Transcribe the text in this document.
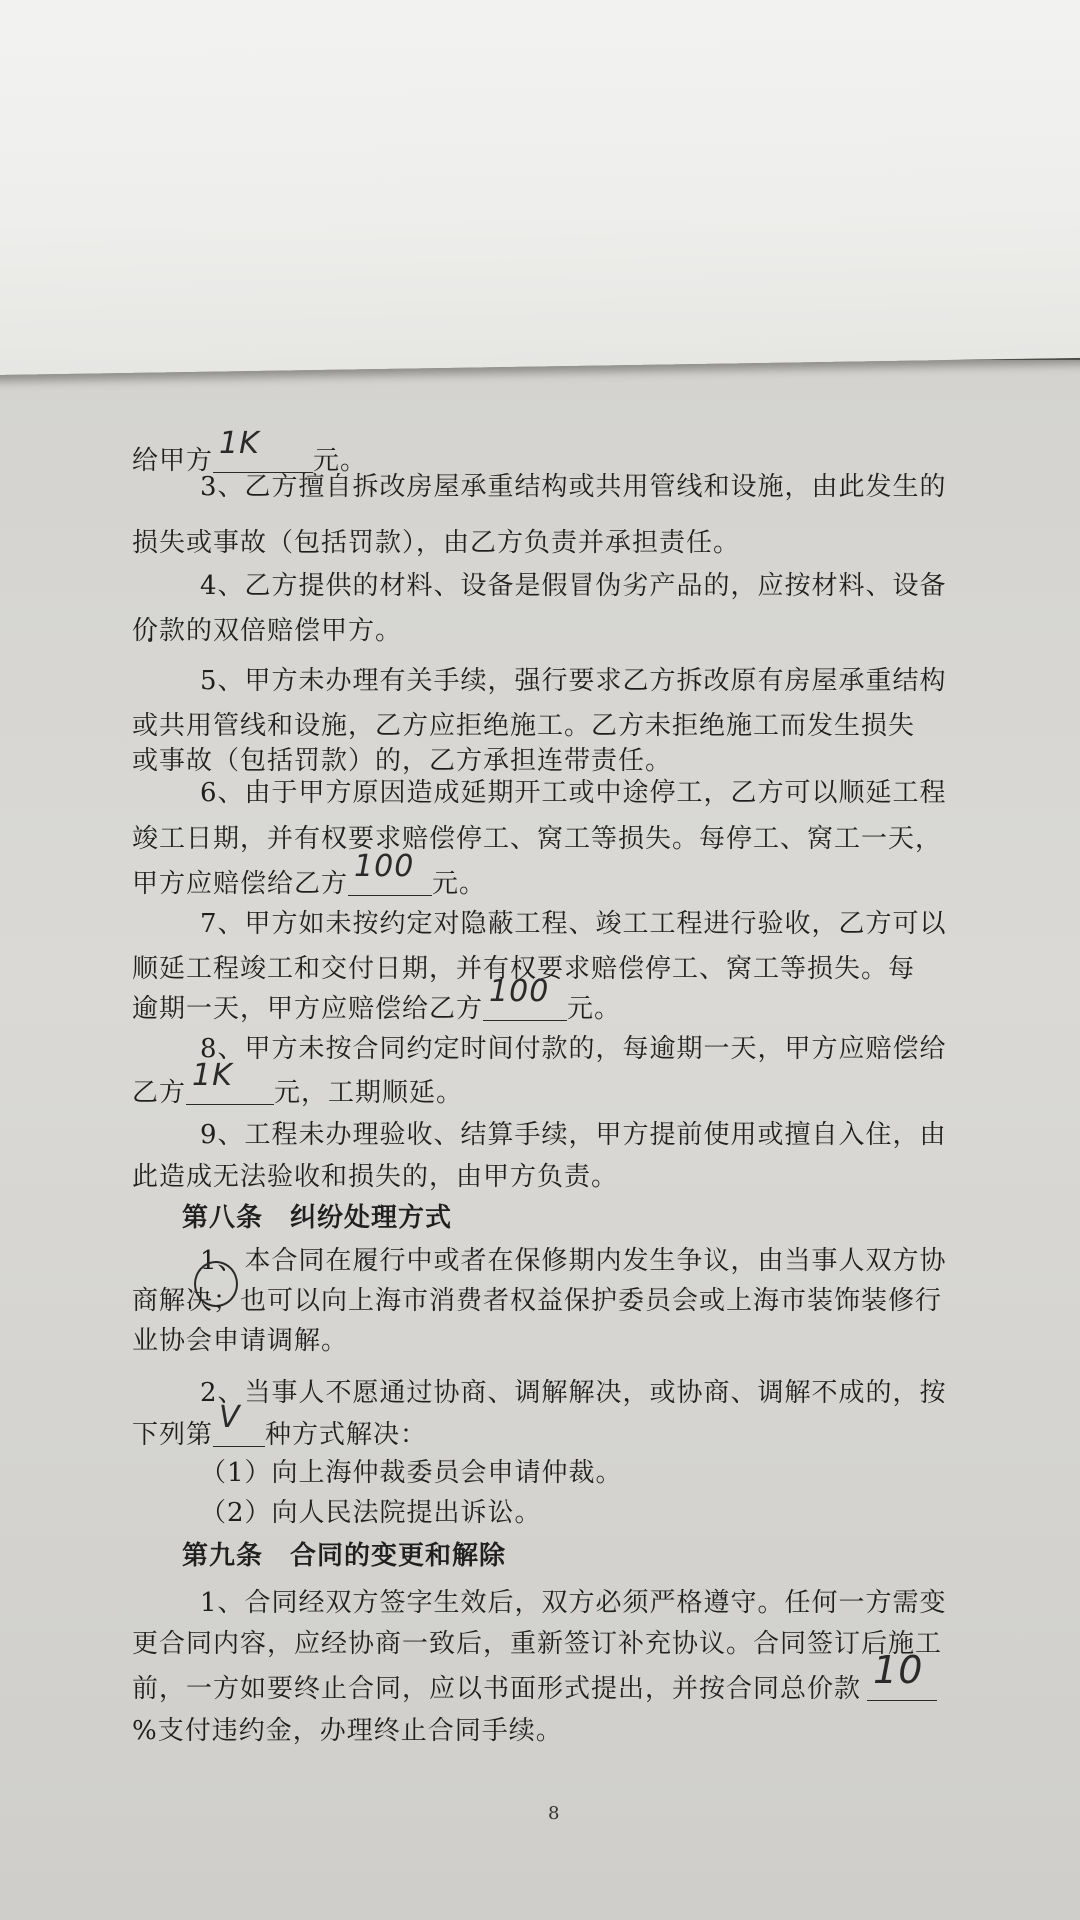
给甲方 1K 元。
3、乙方擅自拆改房屋承重结构或共用管线和设施，由此发生的
损失或事故（包括罚款），由乙方负责并承担责任。
4、乙方提供的材料、设备是假冒伪劣产品的，应按材料、设备
价款的双倍赔偿甲方。
5、甲方未办理有关手续，强行要求乙方拆改原有房屋承重结构
或共用管线和设施，乙方应拒绝施工。乙方未拒绝施工而发生损失
或事故（包括罚款）的，乙方承担连带责任。
6、由于甲方原因造成延期开工或中途停工，乙方可以顺延工程
竣工日期，并有权要求赔偿停工、窝工等损失。每停工、窝工一天，
甲方应赔偿给乙方 100 元。
7、甲方如未按约定对隐蔽工程、竣工工程进行验收，乙方可以
顺延工程竣工和交付日期，并有权要求赔偿停工、窝工等损失。每
逾期一天，甲方应赔偿给乙方 100 元。
8、甲方未按合同约定时间付款的，每逾期一天，甲方应赔偿给
乙方 1K 元，工期顺延。
9、工程未办理验收、结算手续，甲方提前使用或擅自入住，由
此造成无法验收和损失的，由甲方负责。
第八条　纠纷处理方式
1、本合同在履行中或者在保修期内发生争议，由当事人双方协
商解决；也可以向上海市消费者权益保护委员会或上海市装饰装修行
业协会申请调解。
2、当事人不愿通过协商、调解解决，或协商、调解不成的，按
下列第 V 种方式解决：
（1）向上海仲裁委员会申请仲裁。
（2）向人民法院提出诉讼。
第九条　合同的变更和解除
1、合同经双方签字生效后，双方必须严格遵守。任何一方需变
更合同内容，应经协商一致后，重新签订补充协议。合同签订后施工
前，一方如要终止合同，应以书面形式提出，并按合同总价款 10
%支付违约金，办理终止合同手续。
8
